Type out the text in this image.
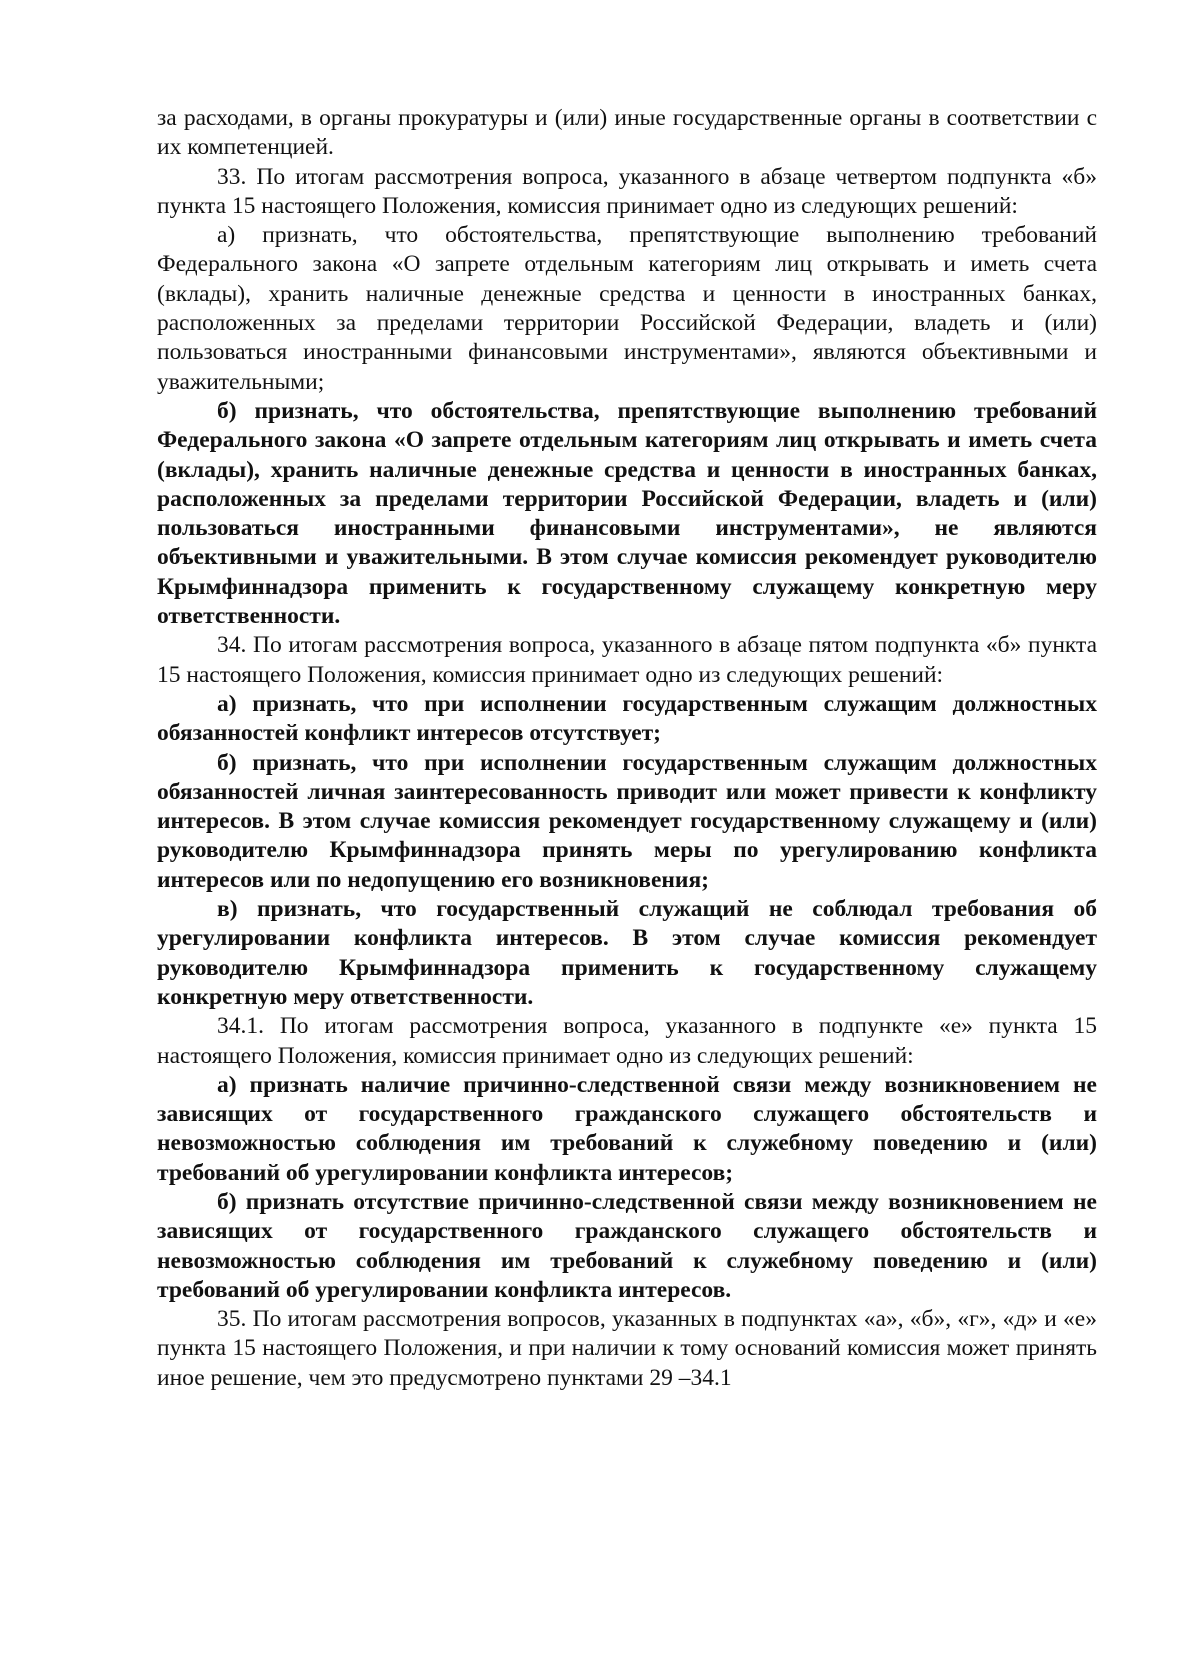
за расходами, в органы прокуратуры и (или) иные государственные органы в соответствии с их компетенцией.

33. По итогам рассмотрения вопроса, указанного в абзаце четвертом подпункта «б» пункта 15 настоящего Положения, комиссия принимает одно из следующих решений:

а) признать, что обстоятельства, препятствующие выполнению требований Федерального закона «О запрете отдельным категориям лиц открывать и иметь счета (вклады), хранить наличные денежные средства и ценности в иностранных банках, расположенных за пределами территории Российской Федерации, владеть и (или) пользоваться иностранными финансовыми инструментами», являются объективными и уважительными;

б) признать, что обстоятельства, препятствующие выполнению требований Федерального закона «О запрете отдельным категориям лиц открывать и иметь счета (вклады), хранить наличные денежные средства и ценности в иностранных банках, расположенных за пределами территории Российской Федерации, владеть и (или) пользоваться иностранными финансовыми инструментами», не являются объективными и уважительными. В этом случае комиссия рекомендует руководителю Крымфиннадзора применить к государственному служащему конкретную меру ответственности.

34. По итогам рассмотрения вопроса, указанного в абзаце пятом подпункта «б» пункта 15 настоящего Положения, комиссия принимает одно из следующих решений:

а) признать, что при исполнении государственным служащим должностных обязанностей конфликт интересов отсутствует;

б) признать, что при исполнении государственным служащим должностных обязанностей личная заинтересованность приводит или может привести к конфликту интересов. В этом случае комиссия рекомендует государственному служащему и (или) руководителю Крымфиннадзора принять меры по урегулированию конфликта интересов или по недопущению его возникновения;

в) признать, что государственный служащий не соблюдал требования об урегулировании конфликта интересов. В этом случае комиссия рекомендует руководителю Крымфиннадзора применить к государственному служащему конкретную меру ответственности.

34.1. По итогам рассмотрения вопроса, указанного в подпункте «е» пункта 15 настоящего Положения, комиссия принимает одно из следующих решений:

а) признать наличие причинно-следственной связи между возникновением не зависящих от государственного гражданского служащего обстоятельств и невозможностью соблюдения им требований к служебному поведению и (или) требований об урегулировании конфликта интересов;

б) признать отсутствие причинно-следственной связи между возникновением не зависящих от государственного гражданского служащего обстоятельств и невозможностью соблюдения им требований к служебному поведению и (или) требований об урегулировании конфликта интересов.

35. По итогам рассмотрения вопросов, указанных в подпунктах «а», «б», «г», «д» и «е» пункта 15 настоящего Положения, и при наличии к тому оснований комиссия может принять иное решение, чем это предусмотрено пунктами 29 –34.1
